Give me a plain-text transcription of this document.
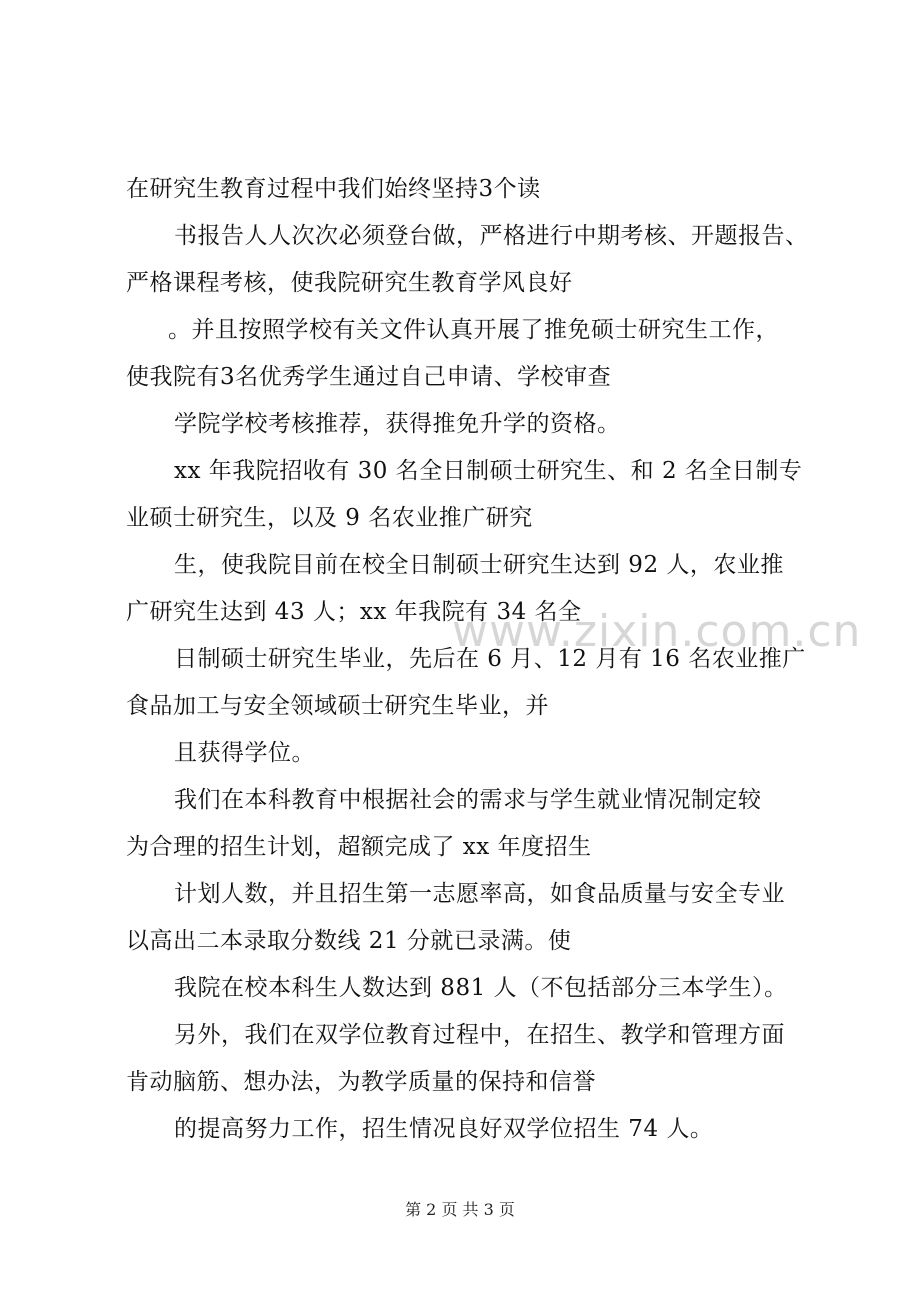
www.zixin.com.cn
在研究生教育过程中我们始终坚持3个读
书报告人人次次必须登台做，严格进行中期考核、开题报告、
严格课程考核，使我院研究生教育学风良好
。并且按照学校有关文件认真开展了推免硕士研究生工作，
使我院有3名优秀学生通过自己申请、学校审查
学院学校考核推荐，获得推免升学的资格。
xx 年我院招收有 30 名全日制硕士研究生、和 2 名全日制专
业硕士研究生，以及 9 名农业推广研究
生，使我院目前在校全日制硕士研究生达到 92 人，农业推
广研究生达到 43 人；xx 年我院有 34 名全
日制硕士研究生毕业，先后在 6 月、12 月有 16 名农业推广
食品加工与安全领域硕士研究生毕业，并
且获得学位。
我们在本科教育中根据社会的需求与学生就业情况制定较
为合理的招生计划，超额完成了 xx 年度招生
计划人数，并且招生第一志愿率高，如食品质量与安全专业
以高出二本录取分数线 21 分就已录满。使
我院在校本科生人数达到 881 人（不包括部分三本学生）。
另外，我们在双学位教育过程中，在招生、教学和管理方面
肯动脑筋、想办法，为教学质量的保持和信誉
的提高努力工作，招生情况良好双学位招生 74 人。
第 2 页 共 3 页
